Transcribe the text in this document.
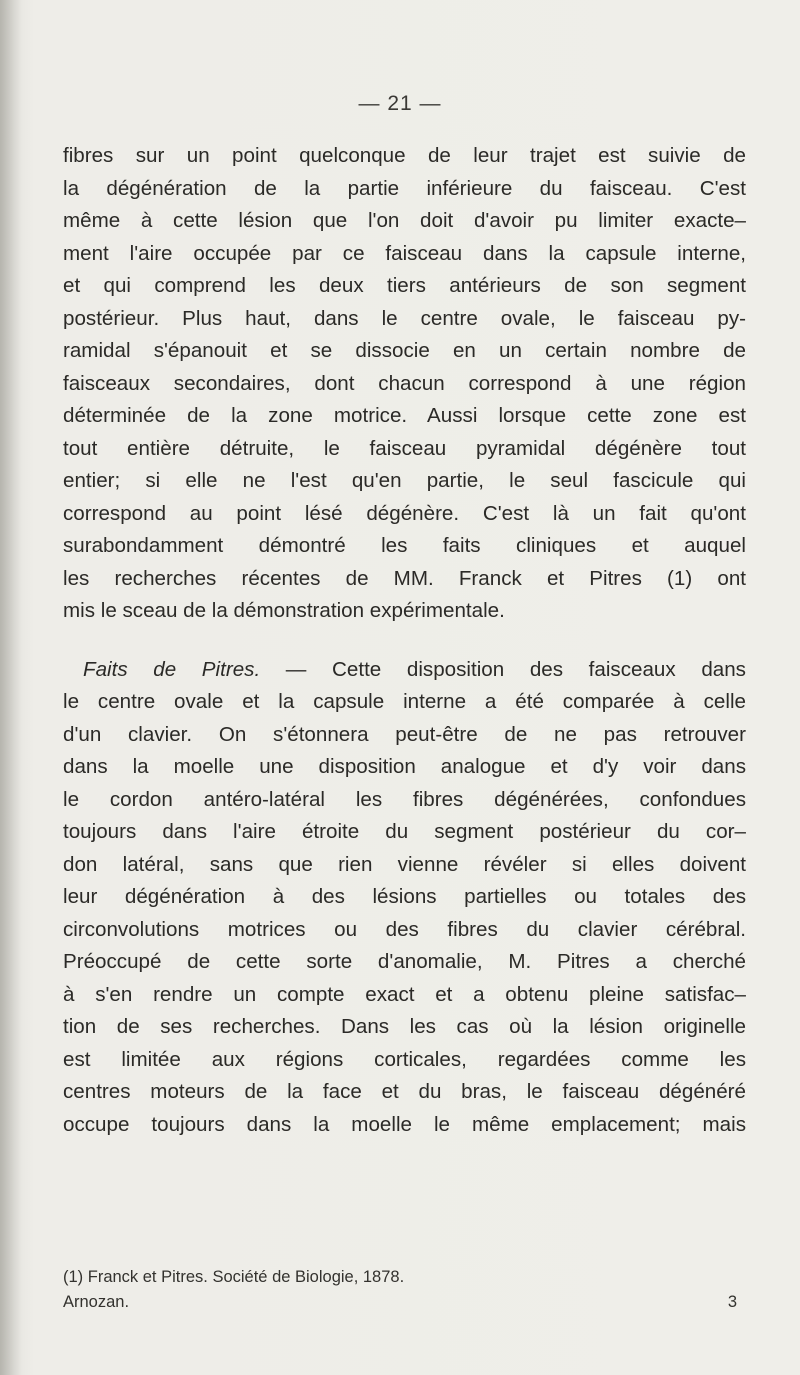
— 21 —
fibres sur un point quelconque de leur trajet est suivie de
la dégénération de la partie inférieure du faisceau. C'est
même à cette lésion que l'on doit d'avoir pu limiter exacte–
ment l'aire occupée par ce faisceau dans la capsule interne,
et qui comprend les deux tiers antérieurs de son segment
postérieur. Plus haut, dans le centre ovale, le faisceau py-
ramidal s'épanouit et se dissocie en un certain nombre de
faisceaux secondaires, dont chacun correspond à une région
déterminée de la zone motrice. Aussi lorsque cette zone est
tout entière détruite, le faisceau pyramidal dégénère tout
entier; si elle ne l'est qu'en partie, le seul fascicule qui
correspond au point lésé dégénère. C'est là un fait qu'ont
surabondamment démontré les faits cliniques et auquel
les recherches récentes de MM. Franck et Pitres (1) ont
mis le sceau de la démonstration expérimentale.
Faits de Pitres. — Cette disposition des faisceaux dans
le centre ovale et la capsule interne a été comparée à celle
d'un clavier. On s'étonnera peut-être de ne pas retrouver
dans la moelle une disposition analogue et d'y voir dans
le cordon antéro-latéral les fibres dégénérées, confondues
toujours dans l'aire étroite du segment postérieur du cor–
don latéral, sans que rien vienne révéler si elles doivent
leur dégénération à des lésions partielles ou totales des
circonvolutions motrices ou des fibres du clavier cérébral.
Préoccupé de cette sorte d'anomalie, M. Pitres a cherché
à s'en rendre un compte exact et a obtenu pleine satisfac–
tion de ses recherches. Dans les cas où la lésion originelle
est limitée aux régions corticales, regardées comme les
centres moteurs de la face et du bras, le faisceau dégénéré
occupe toujours dans la moelle le même emplacement; mais
(1) Franck et Pitres. Société de Biologie, 1878.
Arnozan.	3
